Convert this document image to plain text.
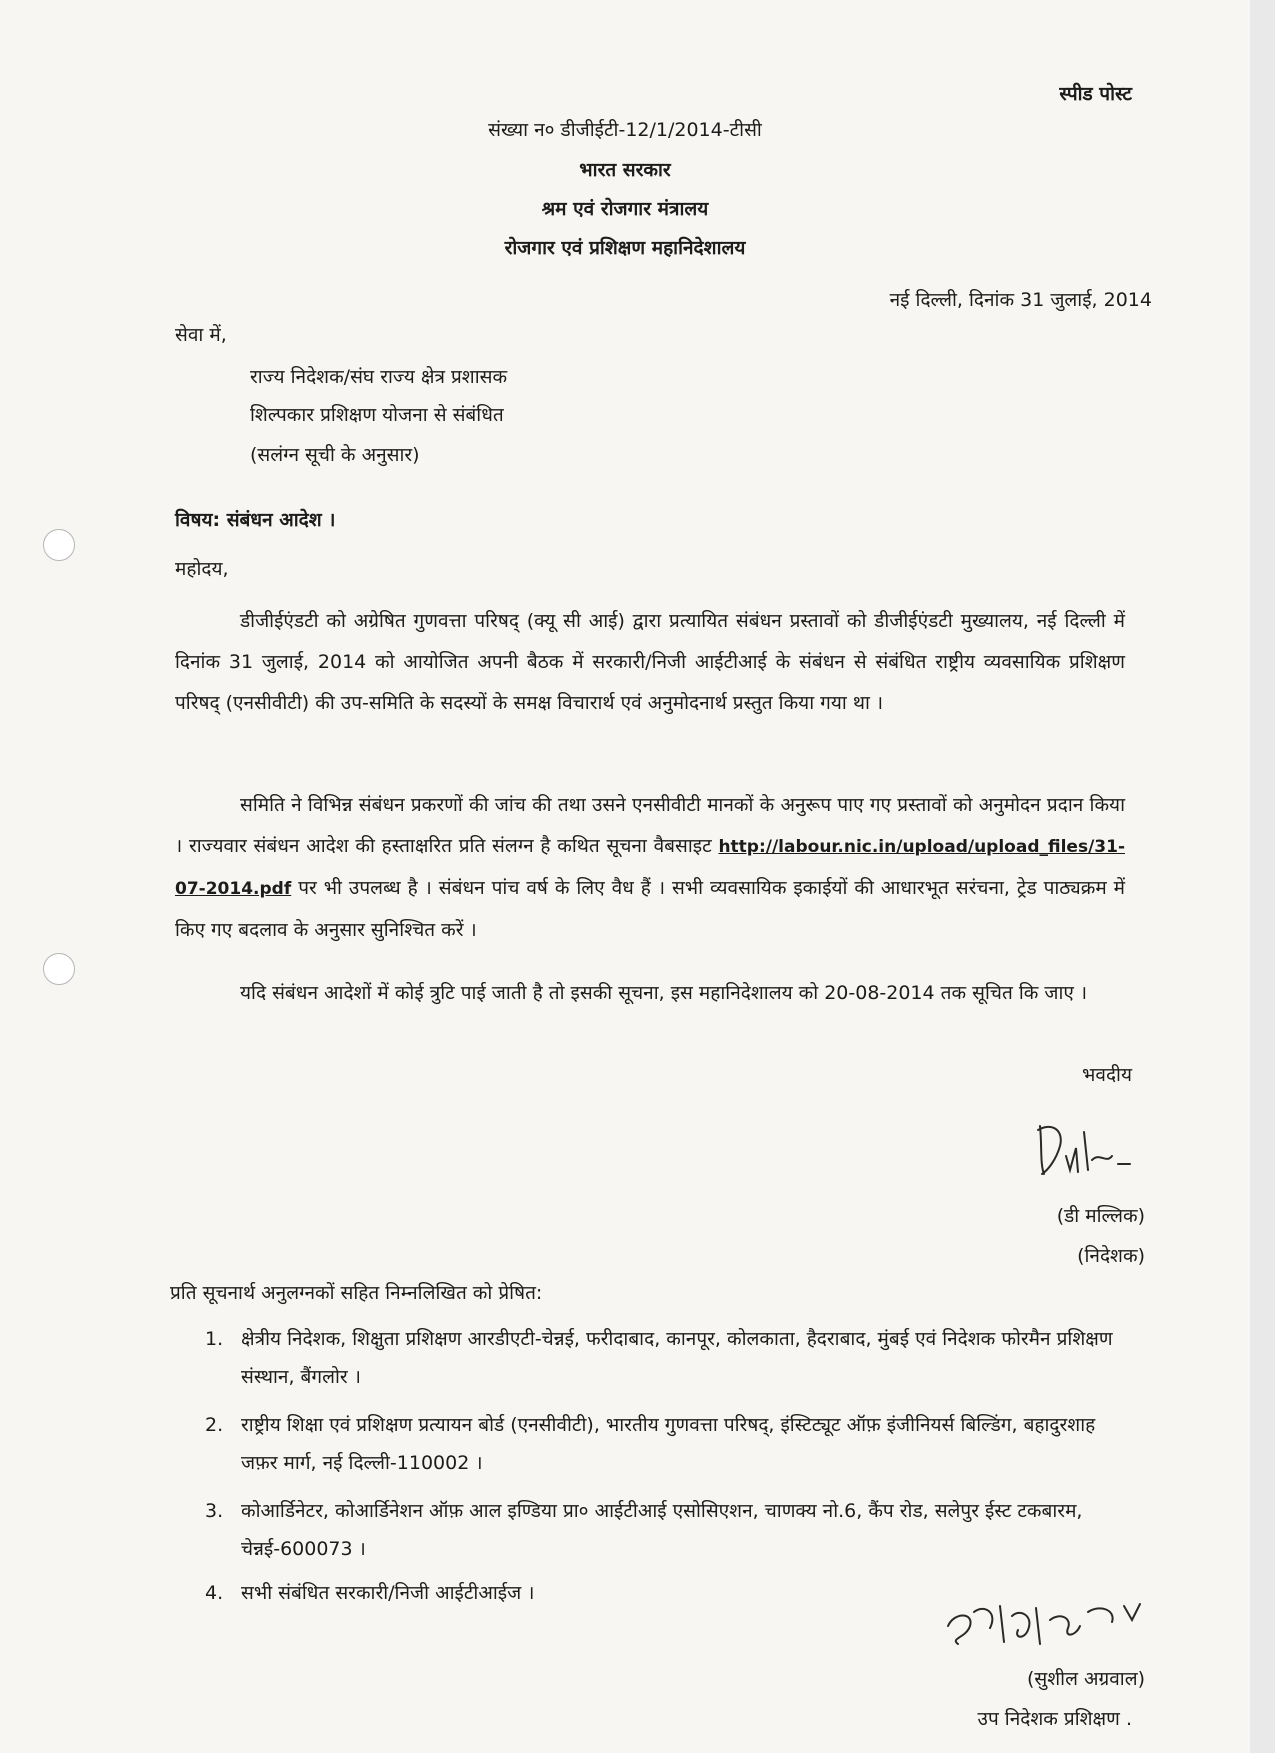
स्पीड पोस्ट
संख्या न० डीजीईटी-12/1/2014-टीसी
भारत सरकार
श्रम एवं रोजगार मंत्रालय
रोजगार एवं प्रशिक्षण महानिदेशालय
नई दिल्ली, दिनांक 31 जुलाई, 2014
सेवा में,
राज्य निदेशक/संघ राज्य क्षेत्र प्रशासक
शिल्पकार प्रशिक्षण योजना से संबंधित
(सलंग्न सूची के अनुसार)
विषय: संबंधन आदेश ।
महोदय,
डीजीईएंडटी को अग्रेषित गुणवत्ता परिषद् (क्यू सी आई) द्वारा प्रत्यायित संबंधन प्रस्तावों को डीजीईएंडटी मुख्यालय, नई दिल्ली में दिनांक 31 जुलाई, 2014 को आयोजित अपनी बैठक में सरकारी/निजी आईटीआई के संबंधन से संबंधित राष्ट्रीय व्यवसायिक प्रशिक्षण परिषद् (एनसीवीटी) की उप-समिति के सदस्यों के समक्ष विचारार्थ एवं अनुमोदनार्थ प्रस्तुत किया गया था ।
समिति ने विभिन्न संबंधन प्रकरणों की जांच की तथा उसने एनसीवीटी मानकों के अनुरूप पाए गए प्रस्तावों को अनुमोदन प्रदान किया । राज्यवार संबंधन आदेश की हस्ताक्षरित प्रति संलग्न है कथित सूचना वैबसाइट http://labour.nic.in/upload/upload_files/31-07-2014.pdf पर भी उपलब्ध है । संबंधन पांच वर्ष के लिए वैध हैं । सभी व्यवसायिक इकाईयों की आधारभूत सरंचना, ट्रेड पाठ्यक्रम में किए गए बदलाव के अनुसार सुनिश्चित करें ।
यदि संबंधन आदेशों में कोई त्रुटि पाई जाती है तो इसकी सूचना, इस महानिदेशालय को 20-08-2014 तक सूचित कि जाए ।
भवदीय
(डी मल्लिक)
(निदेशक)
प्रति सूचनार्थ अनुलग्नकों सहित निम्नलिखित को प्रेषित:
1. क्षेत्रीय निदेशक, शिक्षुता प्रशिक्षण आरडीएटी-चेन्नई, फरीदाबाद, कानपूर, कोलकाता, हैदराबाद, मुंबई एवं निदेशक फोरमैन प्रशिक्षण संस्थान, बैंगलोर ।
2. राष्ट्रीय शिक्षा एवं प्रशिक्षण प्रत्यायन बोर्ड (एनसीवीटी), भारतीय गुणवत्ता परिषद्, इंस्टिट्यूट ऑफ़ इंजीनियर्स बिल्डिंग, बहादुरशाह जफ़र मार्ग, नई दिल्ली-110002 ।
3. कोआर्डिनेटर, कोआर्डिनेशन ऑफ़ आल इण्डिया प्रा० आईटीआई एसोसिएशन, चाणक्य नो.6, कैंप रोड, सलेपुर ईस्ट टकबारम, चेन्नई-600073 ।
4. सभी संबंधित सरकारी/निजी आईटीआईज ।
(सुशील अग्रवाल)
उप निदेशक प्रशिक्षण .
